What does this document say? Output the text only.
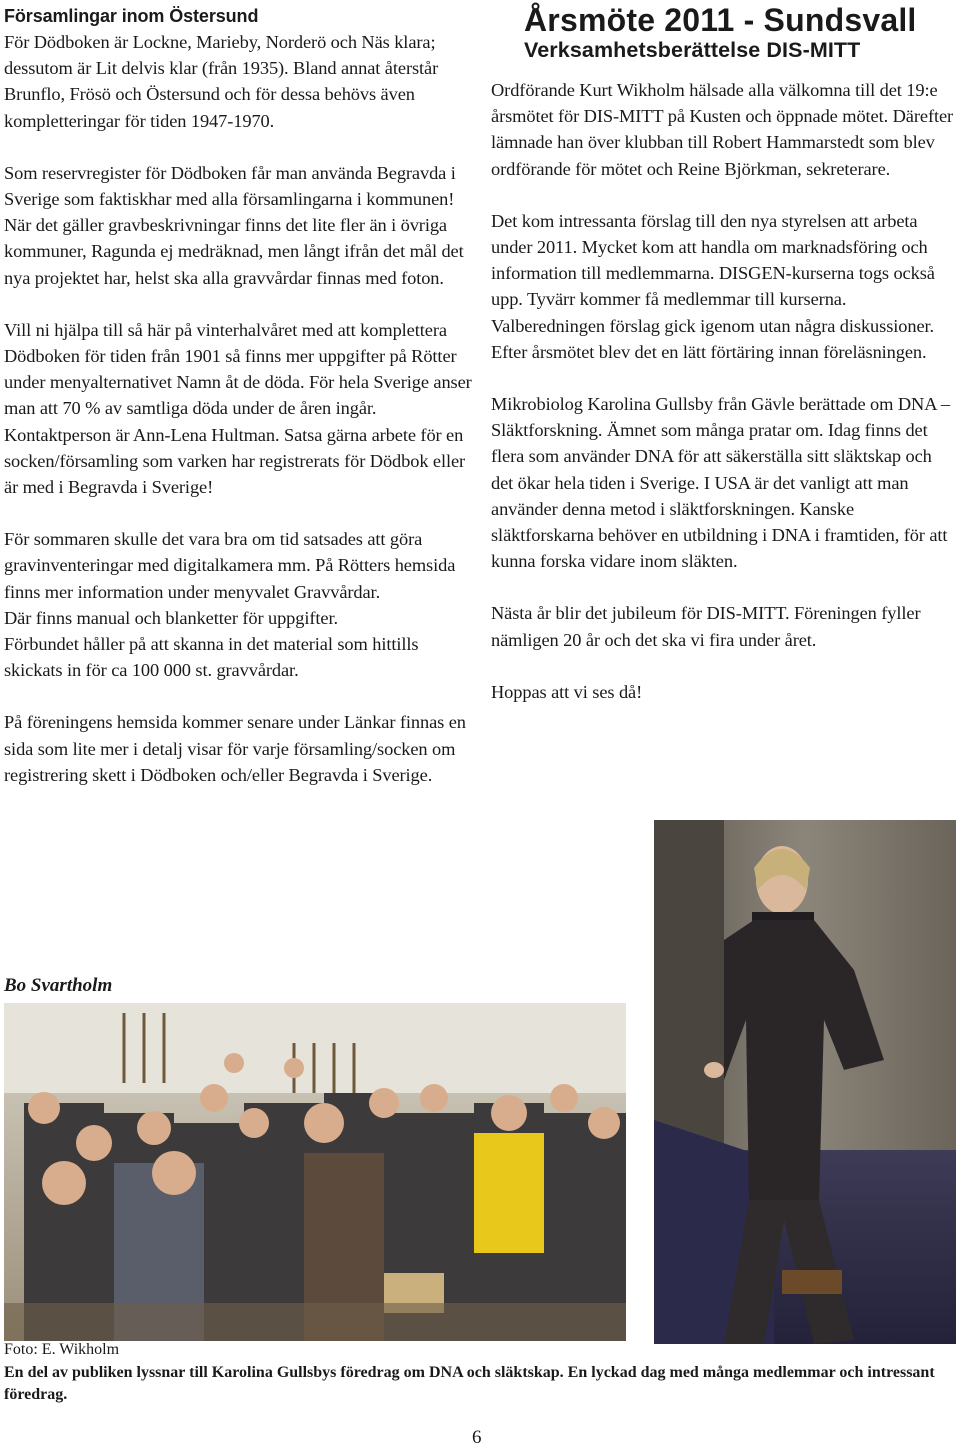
Församlingar inom Östersund

För Dödboken är Lockne, Marieby, Norderö och Näs klara; dessutom är Lit delvis klar (från 1935). Bland annat återstår Brunflo, Frösö och Östersund och för dessa behövs även kompletteringar för tiden 1947-1970.

Som reservregister för Dödboken får man använda Begravda i Sverige som faktiskhar med alla församlingarna i kommunen! När det gäller gravbeskrivningar finns det lite fler än i övriga kommuner, Ragunda ej medräknad, men långt ifrån det mål det nya projektet har, helst ska alla gravvårdar finnas med foton.

Vill ni hjälpa till så här på vinterhalvåret med att komplettera Dödboken för tiden från 1901 så finns mer uppgifter på Rötter under menyalternativet Namn åt de döda. För hela Sverige anser man att 70 % av samtliga döda under de åren ingår. Kontaktperson är Ann-Lena Hultman. Satsa gärna arbete för en socken/församling som varken har registrerats för Dödbok eller är med i Begravda i Sverige!

För sommaren skulle det vara bra om tid satsades att göra gravinventeringar med digitalkamera mm. På Rötters hemsida finns mer information under menyvalet Gravvårdar.

Där finns manual och blanketter för uppgifter.

Förbundet håller på att skanna in det material som hittills skickats in för ca 100 000 st. gravvårdar.

På föreningens hemsida kommer senare under Länkar finnas en sida som lite mer i detalj visar för varje församling/socken om registrering skett i Dödboken och/eller Begravda i Sverige.

Bo Svartholm
Årsmöte 2011 - Sundsvall
Verksamhetsberättelse DIS-MITT

Ordförande Kurt Wikholm hälsade alla välkomna till det 19:e årsmötet för DIS-MITT på Kusten och öppnade mötet. Därefter lämnade han över klubban till Robert Hammarstedt som blev ordförande för mötet och Reine Björkman, sekreterare.

Det kom intressanta förslag till den nya styrelsen att arbeta under 2011. Mycket kom att handla om marknadsföring och information till medlemmarna. DISGEN-kurserna togs också upp. Tyvärr kommer få medlemmar till kurserna. Valberedningen förslag gick igenom utan några diskussioner. Efter årsmötet blev det en lätt förtäring innan föreläsningen.

Mikrobiolog Karolina Gullsby från Gävle berättade om DNA – Släktforskning. Ämnet som många pratar om. Idag finns det flera som använder DNA för att säkerställa sitt släktskap och det ökar hela tiden i Sverige. I USA är det vanligt att man använder denna metod i släktforskningen. Kanske släktforskarna behöver en utbildning i DNA i framtiden, för att kunna forska vidare inom släkten.

Nästa år blir det jubileum för DIS-MITT. Föreningen fyller nämligen 20 år och det ska vi fira under året.

Hoppas att vi ses då!

Foto: E. Wikholm
En del av publiken lyssnar till Karolina Gullsbys föredrag om DNA och släktskap. En lyckad dag med många medlemmar och intressant föredrag.
6
